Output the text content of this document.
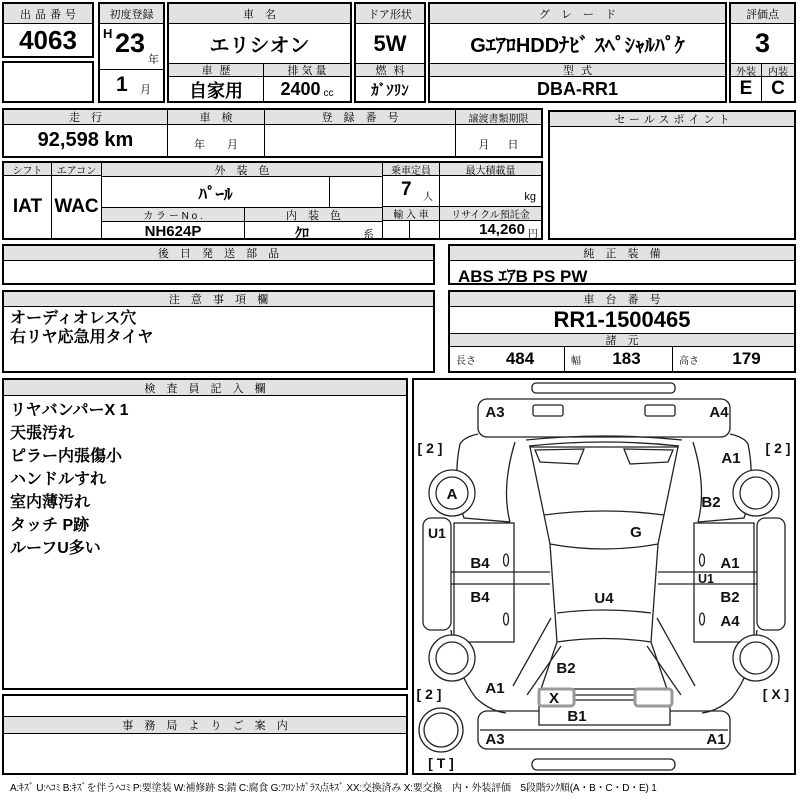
出品番号
4063
初度登録
H 23
年
1 月
車 名
エリシオン
車 歴
自家用
排 気 量
2400 cc
ドア形状
5W
燃 料
ｶﾞｿﾘﾝ
グ レ ー ド
GｴｱﾛHDDﾅﾋﾞ ｽﾍﾟｼｬﾙﾊﾟｹ
型 式
DBA-RR1
評価点
3
外装
E
内装
C
走 行
92,598 km
車 検
年 月
登 録 番 号	譲渡書類期限
月 日
セールスポイント
シフト
IAT
エアコン
WAC
外 装 色
ﾊﾟｰﾙ
カ ラ ー N o .	内 装 色
NH624P	ｸﾛ	系
乗車定員
7 人
輸 入 車
最大積載量
kg
リサイクル預託金
14,260 円
後 日 発 送 部 品	純 正 装 備
ABS ｴｱB PS PW
注 意 事 項 欄
オーディオレス穴
右リヤ応急用タイヤ
車 台 番 号
RR1-1500465
諸 元
長さ	484	幅	183	高さ	179
検 査 員 記 入 欄
リヤバンパーX 1
天張汚れ
ピラー内張傷小
ハンドルすれ
室内薄汚れ
タッチ P跡
ルーフU多い
事 務 局 よ り ご 案 内
A3	A4
[ 2 ]	[ 2 ]
A
A1
B2
G
U1
B4
B4
A1
U1
B2
A4
U4
B2
A1
[ 2 ]	[ X ]
X
B1
A3	A1
[ T ]
A:ｷｽﾞ U:ﾍｺﾐ B:ｷｽﾞを伴うﾍｺﾐ P:要塗装 W:補修跡 S:錆 C:腐食 G:ﾌﾛﾝﾄｶﾞﾗｽ点ｷｽﾞ XX:交換済み X:要交換　内・外装評価　5段階ﾗﾝｸ順(A・B・C・D・E) 1
